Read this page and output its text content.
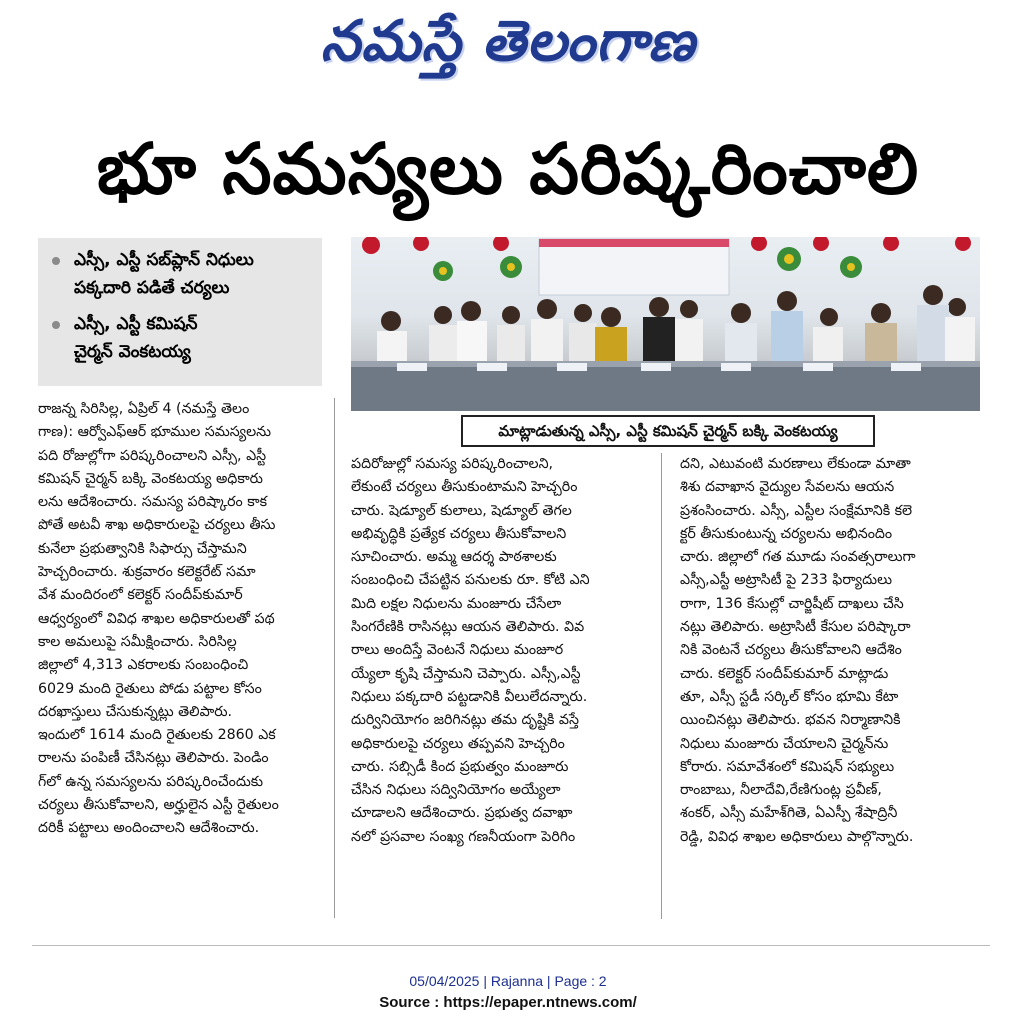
నమస్తే తెలంగాణ
భూ సమస్యలు పరిష్కరించాలి
ఎస్సీ, ఎస్టీ సబ్‌ప్లాన్ నిధులు
పక్కదారి పడితే చర్యలు
ఎస్సీ, ఎస్టీ కమిషన్
చైర్మన్ వెంకటయ్య
మాట్లాడుతున్న ఎస్సీ, ఎస్టీ కమిషన్ చైర్మన్ బక్కి వెంకటయ్య
రాజన్న సిరిసిల్ల, ఏప్రిల్ 4 (నమస్తే తెలం
గాణ): ఆర్వోఎఫ్ఆర్ భూముల సమస్యలను
పది రోజుల్లోగా పరిష్కరించాలని ఎస్సీ, ఎస్టీ
కమిషన్ చైర్మన్ బక్కి వెంకటయ్య అధికారు
లను ఆదేశించారు. సమస్య పరిష్కారం కాక
పోతే అటవీ శాఖ అధికారులపై చర్యలు తీసు
కునేలా ప్రభుత్వానికి సిఫార్సు చేస్తామని
హెచ్చరించారు. శుక్రవారం కలెక్టరేట్ సమా
వేశ మందిరంలో కలెక్టర్ సందీప్‌కుమార్
ఆధ్వర్యంలో వివిధ శాఖల అధికారులతో పథ
కాల అమలుపై సమీక్షించారు. సిరిసిల్ల
జిల్లాలో 4,313 ఎకరాలకు సంబంధించి
6029 మంది రైతులు పోడు పట్టాల కోసం
దరఖాస్తులు చేసుకున్నట్లు తెలిపారు.
ఇందులో 1614 మంది రైతులకు 2860 ఎక
రాలను పంపిణీ చేసినట్లు తెలిపారు. పెండిం
గ్‌లో ఉన్న సమస్యలను పరిష్కరించేందుకు
చర్యలు తీసుకోవాలని, అర్హులైన ఎస్టీ రైతులం
దరికీ పట్టాలు అందించాలని ఆదేశించారు.
పదిరోజుల్లో సమస్య పరిష్కరించాలని,
లేకుంటే చర్యలు తీసుకుంటామని హెచ్చరిం
చారు. షెడ్యూల్ కులాలు, షెడ్యూల్ తెగల
అభివృద్ధికి ప్రత్యేక చర్యలు తీసుకోవాలని
సూచించారు. అమ్మ ఆదర్శ పాఠశాలకు
సంబంధించి చేపట్టిన పనులకు రూ. కోటి ఎని
మిది లక్షల నిధులను మంజూరు చేసేలా
సింగరేణికి రాసినట్లు ఆయన తెలిపారు. వివ
రాలు అందిస్తే వెంటనే నిధులు మంజూర
య్యేలా కృషి చేస్తామని చెప్పారు. ఎస్సీ,ఎస్టీ
నిధులు పక్కదారి పట్టడానికి వీలులేదన్నారు.
దుర్వినియోగం జరిగినట్లు తమ దృష్టికి వస్తే
అధికారులపై చర్యలు తప్పవని హెచ్చరిం
చారు. సబ్సిడీ కింద ప్రభుత్వం మంజూరు
చేసిన నిధులు సద్వినియోగం అయ్యేలా
చూడాలని ఆదేశించారు. ప్రభుత్వ దవాఖా
నలో ప్రసవాల సంఖ్య గణనీయంగా పెరిగిం
దని, ఎటువంటి మరణాలు లేకుండా మాతా
శిశు దవాఖాన వైద్యుల సేవలను ఆయన
ప్రశంసించారు. ఎస్సీ, ఎస్టీల సంక్షేమానికి కలె
క్టర్ తీసుకుంటున్న చర్యలను అభినందిం
చారు. జిల్లాలో గత మూడు సంవత్సరాలుగా
ఎస్సీ,ఎస్టీ అట్రాసిటీ పై 233 ఫిర్యాదులు
రాగా, 136 కేసుల్లో చార్జిషీట్ దాఖలు చేసి
నట్లు తెలిపారు. అట్రాసిటీ కేసుల పరిష్కారా
నికి వెంటనే చర్యలు తీసుకోవాలని ఆదేశిం
చారు. కలెక్టర్ సందీప్‌కుమార్ మాట్లాడు
తూ, ఎస్సీ స్టడీ సర్కిల్ కోసం భూమి కేటా
యించినట్లు తెలిపారు. భవన నిర్మాణానికి
నిధులు మంజూరు చేయాలని చైర్మన్‌ను
కోరారు. సమావేశంలో కమిషన్ సభ్యులు
రాంబాబు, నీలాదేవి,రేణిగుంట్ల ప్రవీణ్,
శంకర్, ఎస్సీ మహేశ్‌గితె, ఏఎస్పీ శేషాద్రినీ
రెడ్డి, వివిధ శాఖల అధికారులు పాల్గొన్నారు.
05/04/2025 | Rajanna | Page : 2
Source : https://epaper.ntnews.com/
